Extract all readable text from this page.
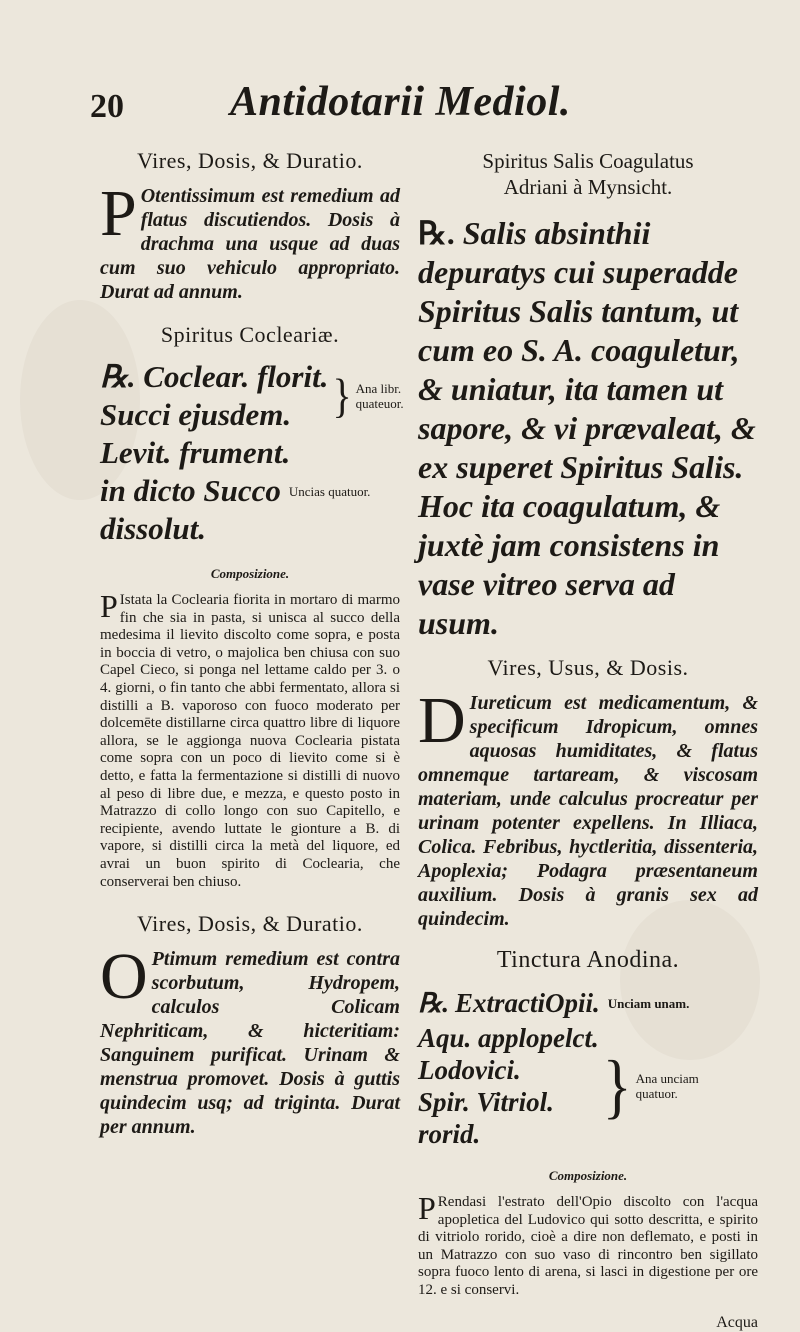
20	Antidotarii Mediol.
Vires, Dosis, & Duratio.

P Otentissimum est remedium ad flatus discutiendos. Dosis à drachma una usque ad duas cum suo vehiculo appropriato. Durat ad annum.

Spiritus Cocleariæ.
℞. Coclear. florit.
Succi ejusdem.	} Ana libr. quateuor.
Levit. frument.
in dicto Succo Uncias quatuor.
dissolut.
Composizione.

P Istata la Coclearia fiorita in mortaro di marmo fin che sia in pasta, si unisca al succo della medesima il lievito discolto come sopra, e posta in boccia di vetro, o majolica ben chiusa con suo Capel Cieco, si ponga nel lettame caldo per 3. o 4. giorni, o fin tanto che abbi fermentato, allora si distilli a B. vaporoso con fuoco moderato per dolcemēte distillarne circa quattro libre di liquore allora, se le aggionga nuova Coclearia pistata come sopra con un poco di lievito come si è detto, e fatta la fermentazione si distilli di nuovo al peso di libre due, e mezza, e questo posto in Matrazzo di collo longo con suo Capitello, e recipiente, avendo luttate le gionture a B. di vapore, si distilli circa la metà del liquore, ed avrai un buon spirito di Coclearia, che conserverai ben chiuso.

Vires, Dosis, & Duratio.

O Ptimum remedium est contra scorbutum, Hydropem, calculos Colicam Nephriticam, & hicteritiam: Sanguinem purificat. Urinam & menstrua promovet. Dosis à guttis quindecim usq; ad triginta. Durat per annum.

Spiritus Salis Coagulatus
Adriani à Mynsicht.

℞. Salis absinthii depuratys cui superadde Spiritus Salis tantum, ut cum eo S. A. coaguletur, & uniatur, ita tamen ut sapore, & vi prævaleat, & ex superet Spiritus Salis. Hoc ita coagulatum, & juxtè jam consistens in vase vitreo serva ad usum.

Vires, Usus, & Dosis.

D Iureticum est medicamentum, & specificum Idropicum, omnes aquosas humiditates, & flatus omnemque tartaream, & viscosam materiam, unde calculus procreatur per urinam potenter expellens. In Illiaca, Colica. Febribus, hyctleritia, dissenteria, Apoplexia; Podagra præsentaneum auxilium. Dosis à granis sex ad quindecim.

Tinctura Anodina.
℞. ExtractiOpii. Unciam unam.
Aqu. applopelct.
Lodovici.
Spir. Vitriol.
rorid.
} Ana unciam quatuor.
Composizione.

P Rendasi l'estrato dell'Opio discolto con l'acqua apopletica del Ludovico qui sotto descritta, e spirito di vitriolo rorido, cioè a dire non deflemato, e posti in un Matrazzo con suo vaso di rincontro ben sigillato sopra fuoco lento di arena, si lasci in digestione per ore 12. e si conservi.

Acqua
